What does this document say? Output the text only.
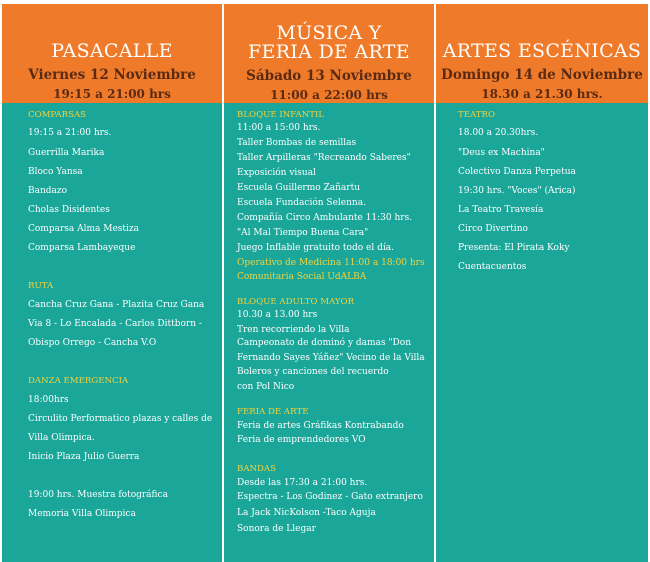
PASACALLE
Viernes 12 Noviembre
19:15 a 21:00 hrs
MÚSICA Y
FERIA DE ARTE
Sábado 13 Noviembre
11:00 a 22:00 hrs
ARTES ESCÉNICAS
Domingo 14 de Noviembre
18.30 a 21.30 hrs.
COMPARSAS
19:15 a 21:00 hrs.
Guerrilla Marika
Bloco Yansa
Bandazo
Cholas Disidentes
Comparsa Alma Mestiza
Comparsa Lambayeque
RUTA
Cancha Cruz Gana - Plazita Cruz Gana
Via 8 - Lo Encalada - Carlos Dittborn -
Obispo Orrego - Cancha V.O
DANZA EMERGENCIA
18:00hrs
Circulito Performatico plazas y calles de
Villa Olimpica.
Inicio Plaza Julio Guerra
19:00 hrs. Muestra fotográfica
Memoria Villa Olimpica
BLOQUE INFANTIL
11:00 a 15:00 hrs.
Taller Bombas de semillas
Taller Arpilleras "Recreando Saberes"
Exposición visual
Escuela Guillermo Zañartu
Escuela Fundación Selenna.
Compañía Circo Ambulante 11:30 hrs.
"Al Mal Tiempo Buena Cara"
Juego Inflable gratuito todo el día.
Operativo de Medicina 11:00 a 18:00 hrs
Comunitaria Social UdALBA
BLOQUE ADULTO MAYOR
10.30 a 13.00 hrs
Tren recorriendo la Villa
Campeonato de dominó y damas "Don
Fernando Sayes Yáñez" Vecino de la Villa
Boleros y canciones del recuerdo
con Pol Nico
FERIA DE ARTE
Feria de artes Gráfikas Kontrabando
Feria de emprendedores VO
BANDAS
Desde las 17:30 a 21:00 hrs.
Espectra - Los Godinez - Gato extranjero
La Jack NicKolson -Taco Aguja
Sonora de Llegar
TEATRO
18.00 a 20.30hrs.
"Deus ex Machina"
Colectivo Danza Perpetua
19:30 hrs. "Voces" (Arica)
La Teatro Travesía
Circo Divertino
Presenta: El Pirata Koky
Cuentacuentos
